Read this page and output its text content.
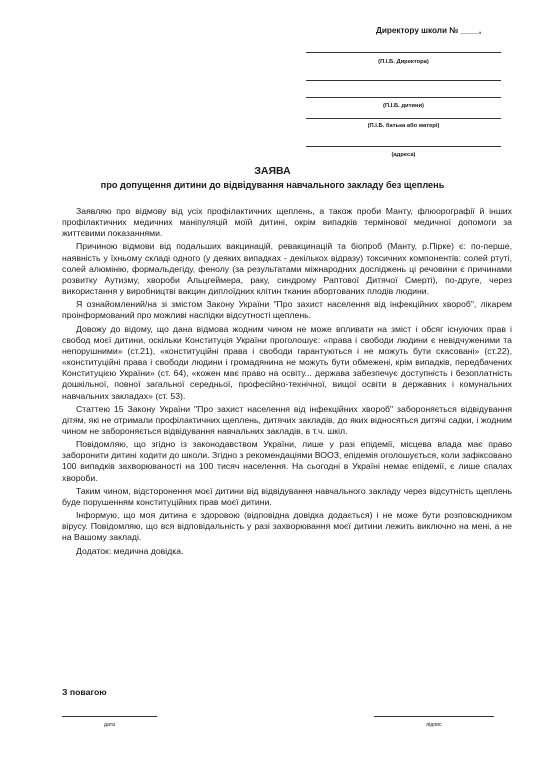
Директору школи № ____,
(П.І.Б. Директора)
(П.І.Б. дитини)
(П.І.Б. батька або матері)
(адреса)
ЗАЯВА
про допущення дитини до відвідування навчального закладу без щеплень

Заявляю про відмову від усіх профілактичних щеплень, а також проби Манту, флюорографії й інших профілактичних медичних маніпуляцій моїй дитині, окрім випадків термінової медичної допомоги за життєвими показаннями.

Причиною відмови від подальших вакцинацій, ревакцинацій та біопроб (Манту, р.Пірке) є: по-перше, наявність у їхньому складі одного (у деяких випадках - декількох відразу) токсичних компонентів: солей ртуті, солей алюмінію, формальдегіду, фенолу (за результатами міжнародних досліджень ці речовини є причинами розвитку Аутизму, хвороби Альцгеймера, раку, синдрому Раптової Дитячої Смерті), по-друге, через використання у виробництві вакцин диплоїдних клітин тканин абортованих плодів людини.

Я ознайомлений/на зі змістом Закону України "Про захист населення від інфекційних хвороб", лікарем проінформований про можливі наслідки відсутності щеплень.

Довожу до відому, що дана відмова жодним чином не може впливати на зміст і обсяг існуючих прав і свобод моєї дитини, оскільки Конституція України проголошує: «права і свободи людини є невідчуженими та непорушними» (ст.21), «конституційні права і свободи гарантуються і не можуть бути скасовані» (ст.22), «конституційні права і свободи людини і громадянина не можуть бути обмежені, крім випадків, передбачених Конституцією України» (ст. 64), «кожен має право на освіту... держава забезпечує доступність і безоплатність дошкільної, повної загальної середньої, професійно-технічної, вищої освіти в державних і комунальних навчальних закладах» (ст. 53).

Статтею 15 Закону України "Про захист населення від інфекційних хвороб" забороняється відвідування дітям, які не отримали профілактичних щеплень, дитячих закладів, до яких відносяться дитячі садки, і жодним чином не забороняється відвідування навчальних закладів, в т.ч. шкіл.

Повідомляю, що згідно із законодавством України, лише у разі епідемії, місцева влада має право заборонити дитині ходити до школи. Згідно з рекомендаціями ВООЗ, епідемія оголошується, коли зафіксовано 100 випадків захворюваності на 100 тисяч населення. На сьогодні в Україні немає епідемії, є лише спалах хвороби.

Таким чином, відсторонення моєї дитини від відвідування навчального закладу через відсутність щеплень буде порушенням конституційних прав моєї дитини.

Інформую, що моя дитина є здоровою (відповідна довідка додається) і не може бути розповсюдником вірусу. Повідомляю, що вся відповідальність у разі захворювання моєї дитини лежить виключно на мені, а не на Вашому закладі.

Додаток: медична довідка.

З повагою
дата	підпис
